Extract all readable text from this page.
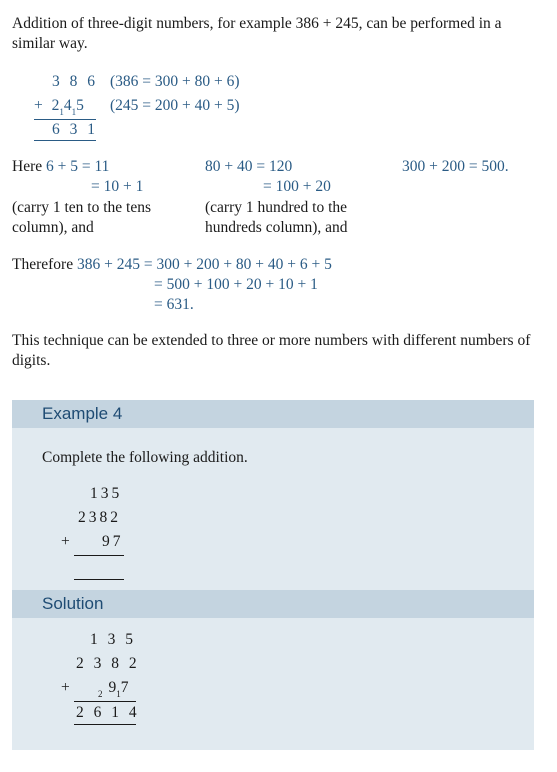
Addition of three-digit numbers, for example 386 + 245, can be performed in a similar way.
3 8 6 (386 = 300 + 80 + 6)
+ $2_14_15$ (245 = 200 + 40 + 5)
6 3 1
Here 6 + 5 = 11
= 10 + 1
(carry 1 ten to the tens
column), and
80 + 40 = 120
= 100 + 20
(carry 1 hundred to the
hundreds column), and
300 + 200 = 500.
Therefore 386 + 245 = 300 + 200 + 80 + 40 + 6 + 5
= 500 + 100 + 20 + 10 + 1
= 631.
This technique can be extended to three or more numbers with different numbers of digits.
Example 4
Complete the following addition.
135
2382
+ 97
Solution
1 3 5
2 3 8 2
+	$_2$ $9_17$
2 6 1 4
